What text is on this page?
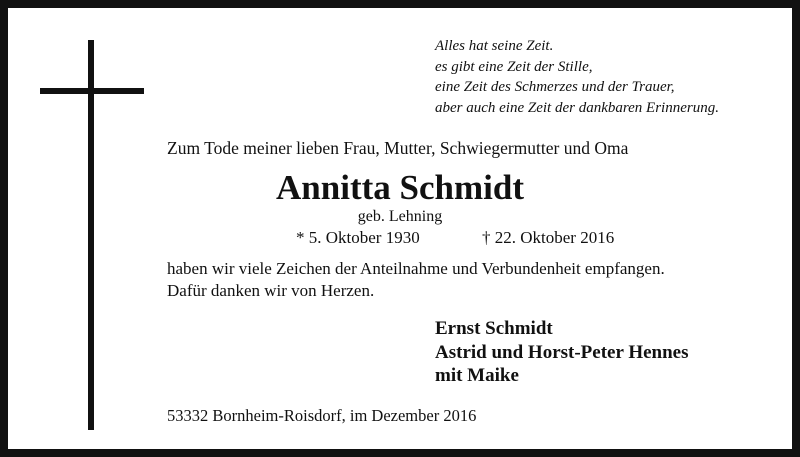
Alles hat seine Zeit.
es gibt eine Zeit der Stille,
eine Zeit des Schmerzes und der Trauer,
aber auch eine Zeit der dankbaren Erinnerung.
Zum Tode meiner lieben Frau, Mutter, Schwiegermutter und Oma
Annitta Schmidt
geb. Lehning
* 5. Oktober 1930	† 22. Oktober 2016
haben wir viele Zeichen der Anteilnahme und Verbundenheit empfangen.
Dafür danken wir von Herzen.
Ernst Schmidt
Astrid und Horst-Peter Hennes
mit Maike
53332 Bornheim-Roisdorf, im Dezember 2016
